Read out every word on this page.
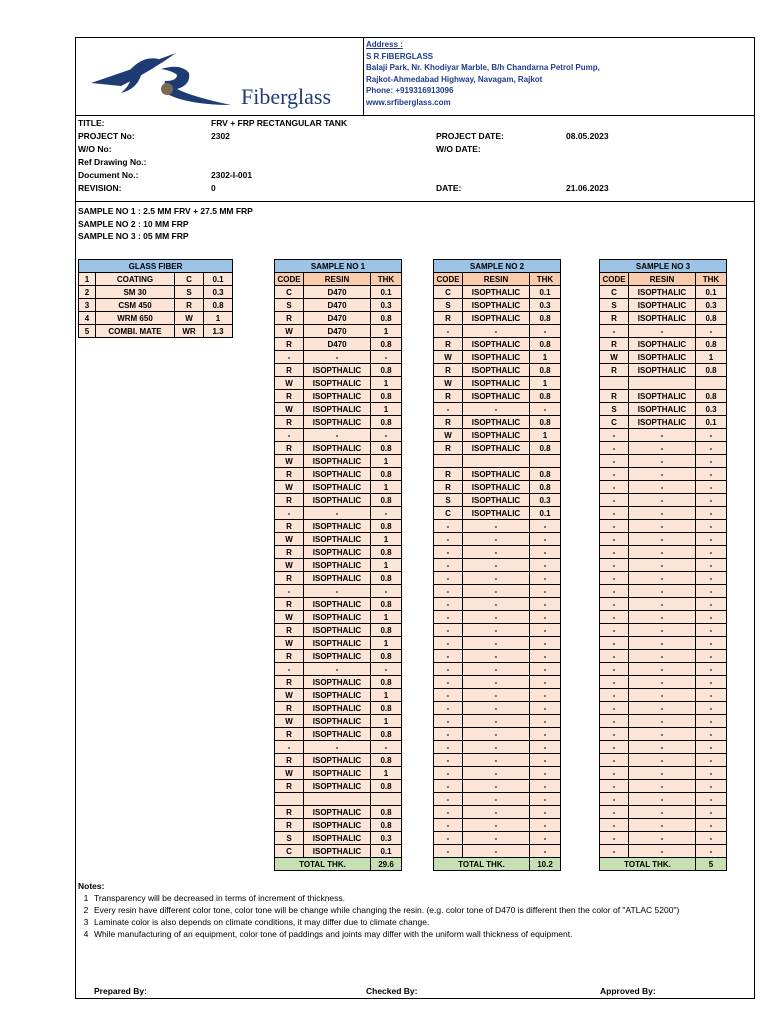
Fiberglass
Address :
S R FIBERGLASS
Balaji Park, Nr. Khodiyar Marble, B/h Chandarna Petrol Pump,
Rajkot-Ahmedabad Highway, Navagam, Rajkot
Phone: +919316913096
www.srfiberglass.com
TITLE:	FRV + FRP RECTANGULAR TANK
PROJECT No:	2302
W/O No:
Ref Drawing No.:
Document No.:	2302-I-001
REVISION:	0
PROJECT DATE:	08.05.2023
W/O DATE:
DATE:	21.06.2023
SAMPLE NO 1 : 2.5 MM FRV + 27.5 MM FRP
SAMPLE NO 2 : 10 MM FRP
SAMPLE NO 3 : 05 MM FRP
GLASS FIBER			
1	COATING	C	0.1
2	SM 30	S	0.3
3	CSM 450	R	0.8
4	WRM 650	W	1
5	COMBI. MATE	WR	1.3
SAMPLE NO 1		
CODE	RESIN	THK
C	D470	0.1
S	D470	0.3
R	D470	0.8
W	D470	1
R	D470	0.8
-	-	-
R	ISOPTHALIC	0.8
W	ISOPTHALIC	1
R	ISOPTHALIC	0.8
W	ISOPTHALIC	1
R	ISOPTHALIC	0.8
-	-	-
R	ISOPTHALIC	0.8
W	ISOPTHALIC	1
R	ISOPTHALIC	0.8
W	ISOPTHALIC	1
R	ISOPTHALIC	0.8
-	-	-
R	ISOPTHALIC	0.8
W	ISOPTHALIC	1
R	ISOPTHALIC	0.8
W	ISOPTHALIC	1
R	ISOPTHALIC	0.8
-	-	-
R	ISOPTHALIC	0.8
W	ISOPTHALIC	1
R	ISOPTHALIC	0.8
W	ISOPTHALIC	1
R	ISOPTHALIC	0.8
-	-	-
R	ISOPTHALIC	0.8
W	ISOPTHALIC	1
R	ISOPTHALIC	0.8
W	ISOPTHALIC	1
R	ISOPTHALIC	0.8
-	-	-
R	ISOPTHALIC	0.8
W	ISOPTHALIC	1
R	ISOPTHALIC	0.8

R	ISOPTHALIC	0.8
R	ISOPTHALIC	0.8
S	ISOPTHALIC	0.3
C	ISOPTHALIC	0.1
TOTAL THK.		29.6
SAMPLE NO 2		
CODE	RESIN	THK
C	ISOPTHALIC	0.1
S	ISOPTHALIC	0.3
R	ISOPTHALIC	0.8
-	-	-
R	ISOPTHALIC	0.8
W	ISOPTHALIC	1
R	ISOPTHALIC	0.8
W	ISOPTHALIC	1
R	ISOPTHALIC	0.8
-	-	-
R	ISOPTHALIC	0.8
W	ISOPTHALIC	1
R	ISOPTHALIC	0.8

R	ISOPTHALIC	0.8
R	ISOPTHALIC	0.8
S	ISOPTHALIC	0.3
C	ISOPTHALIC	0.1
-	-	-
-	-	-
-	-	-
-	-	-
-	-	-
-	-	-
-	-	-
-	-	-
-	-	-
-	-	-
-	-	-
-	-	-
-	-	-
-	-	-
-	-	-
-	-	-
-	-	-
-	-	-
-	-	-
-	-	-
-	-	-
-	-	-
-	-	-
-	-	-
-	-	-
-	-	-
TOTAL THK.		10.2
SAMPLE NO 3		
CODE	RESIN	THK
C	ISOPTHALIC	0.1
S	ISOPTHALIC	0.3
R	ISOPTHALIC	0.8
-	-	-
R	ISOPTHALIC	0.8
W	ISOPTHALIC	1
R	ISOPTHALIC	0.8

R	ISOPTHALIC	0.8
S	ISOPTHALIC	0.3
C	ISOPTHALIC	0.1
-	-	-
-	-	-
-	-	-
-	-	-
-	-	-
-	-	-
-	-	-
-	-	-
-	-	-
-	-	-
-	-	-
-	-	-
-	-	-
-	-	-
-	-	-
-	-	-
-	-	-
-	-	-
-	-	-
-	-	-
-	-	-
-	-	-
-	-	-
-	-	-
-	-	-
-	-	-
-	-	-
-	-	-
-	-	-
-	-	-
-	-	-
-	-	-
-	-	-
TOTAL THK.		5
Notes:
1 Transparency will be decreased in terms of increment of thickness.
2 Every resin have different color tone, color tone will be change while changing the resin. (e.g. color tone of D470 is different then the color of "ATLAC 5200")
3 Laminate color is also depends on climate conditions, it may differ due to climate change.
4 While manufacturing of an equipment, color tone of paddings and joints may differ with the uniform wall thickness of equipment.
Prepared By:	Checked By:	Approved By:
